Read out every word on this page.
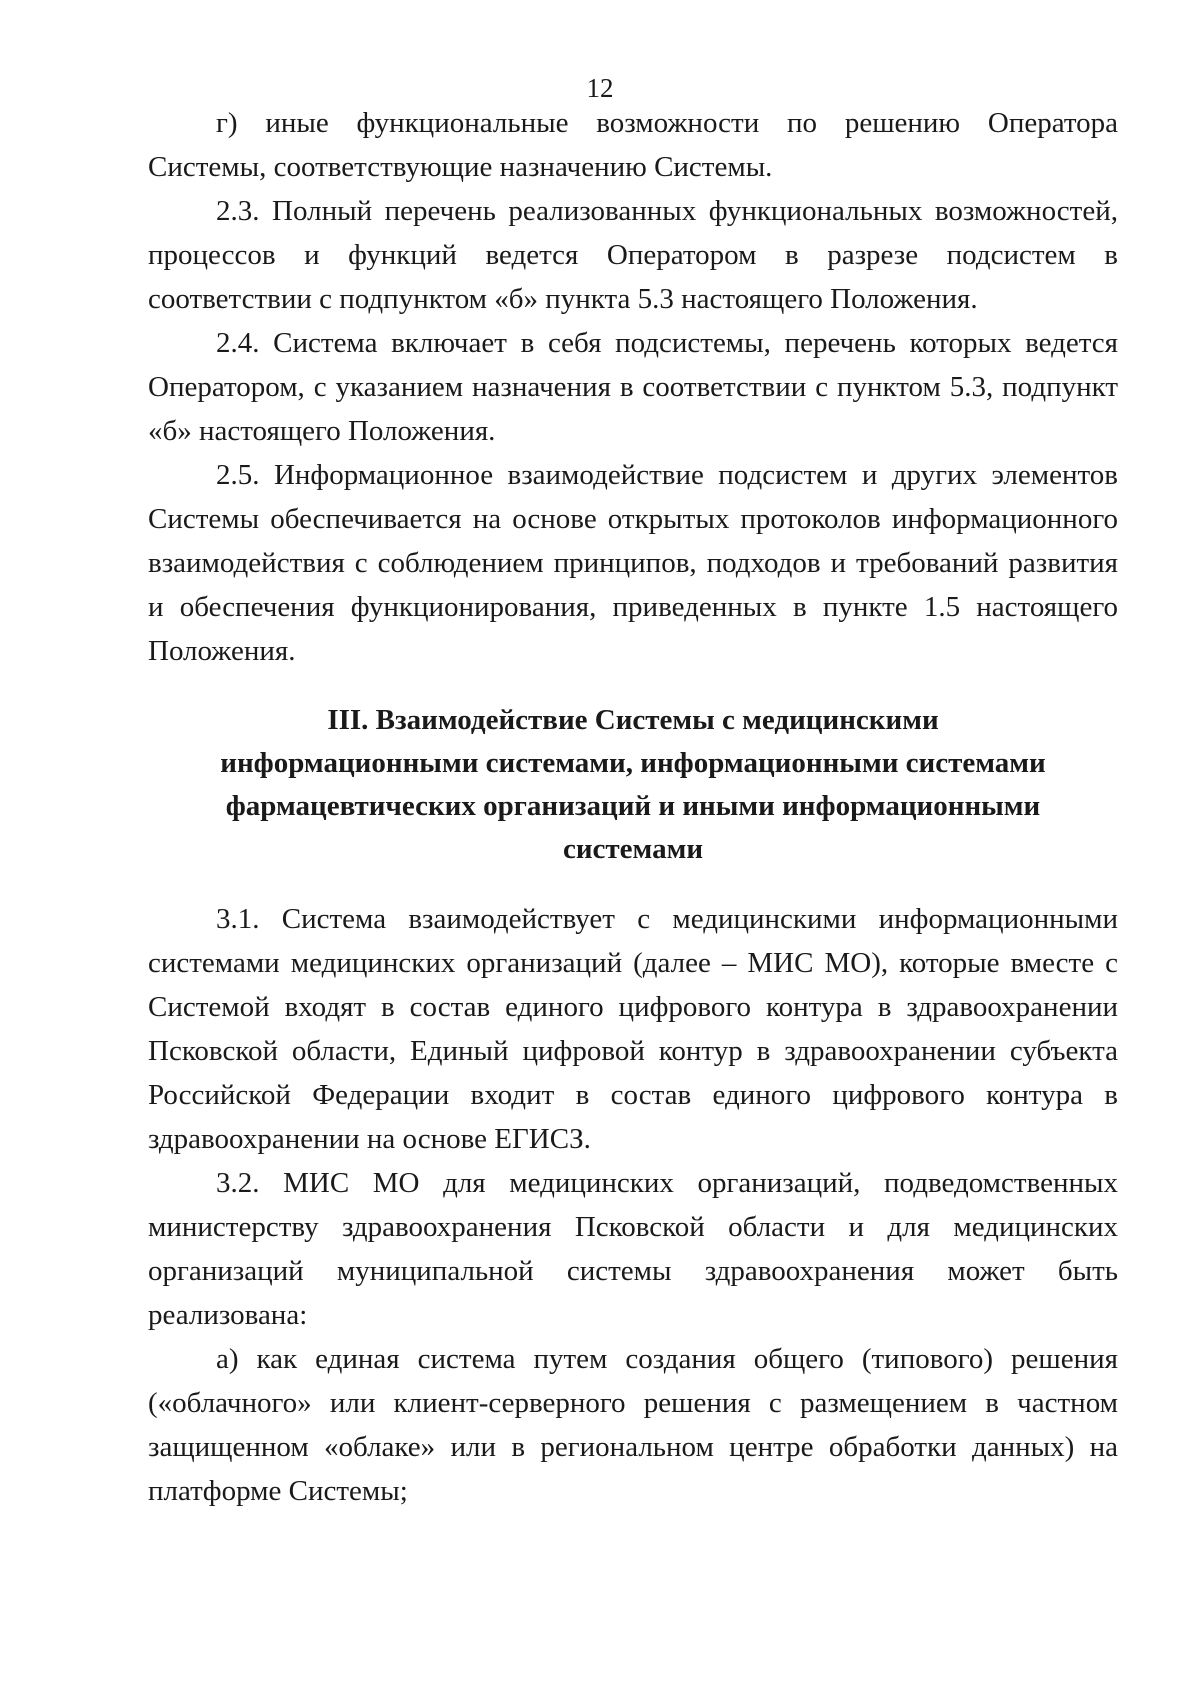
12

г) иные функциональные возможности по решению Оператора Системы, соответствующие назначению Системы.

2.3. Полный перечень реализованных функциональных возможностей, процессов и функций ведется Оператором в разрезе подсистем в соответствии с подпунктом «б» пункта 5.3 настоящего Положения.

2.4. Система включает в себя подсистемы, перечень которых ведется Оператором, с указанием назначения в соответствии с пунктом 5.3, подпункт «б» настоящего Положения.

2.5. Информационное взаимодействие подсистем и других элементов Системы обеспечивается на основе открытых протоколов информационного взаимодействия с соблюдением принципов, подходов и требований развития и обеспечения функционирования, приведенных в пункте 1.5 настоящего Положения.

III. Взаимодействие Системы с медицинскими
информационными системами, информационными системами
фармацевтических организаций и иными информационными
системами

3.1. Система взаимодействует с медицинскими информационными системами медицинских организаций (далее – МИС МО), которые вместе с Системой входят в состав единого цифрового контура в здравоохранении Псковской области, Единый цифровой контур в здравоохранении субъекта Российской Федерации входит в состав единого цифрового контура в здравоохранении на основе ЕГИСЗ.

3.2. МИС МО для медицинских организаций, подведомственных министерству здравоохранения Псковской области и для медицинских организаций муниципальной системы здравоохранения может быть реализована:

а) как единая система путем создания общего (типового) решения («облачного» или клиент-серверного решения с размещением в частном защищенном «облаке» или в региональном центре обработки данных) на платформе Системы;
